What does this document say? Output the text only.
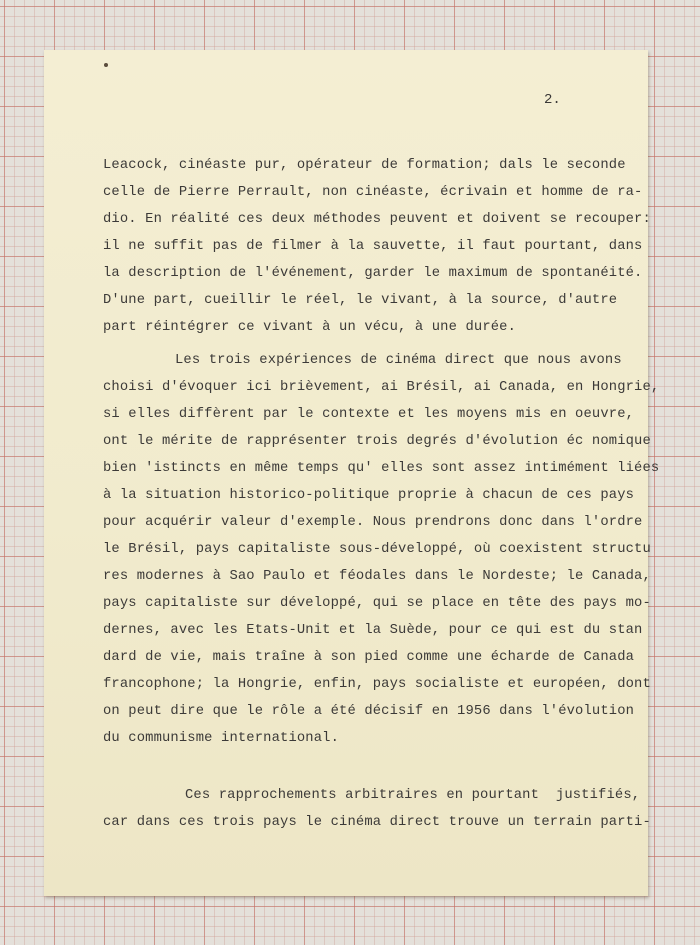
2.
Leacock, cinéaste pur, opérateur de formation; dals le seconde
celle de Pierre Perrault, non cinéaste, écrivain et homme de ra-
dio. En réalité ces deux méthodes peuvent et doivent se recouper:
il ne suffit pas de filmer à la sauvette, il faut pourtant, dans
la description de l'événement, garder le maximum de spontanéité.
D'une part, cueillir le réel, le vivant, à la source, d'autre
part réintégrer ce vivant à un vécu, à une durée.
Les trois expériences de cinéma direct que nous avons
choisi d'évoquer ici brièvement, ai Brésil, ai Canada, en Hongrie,
si elles diffèrent par le contexte et les moyens mis en oeuvre,
ont le mérite de rapprésenter trois degrés d'évolution éc nomique
bien 'istincts en même temps qu' elles sont assez intimément liées
à la situation historico-politique proprie à chacun de ces pays
pour acquérir valeur d'exemple. Nous prendrons donc dans l'ordre
le Brésil, pays capitaliste sous-développé, où coexistent structu
res modernes à Sao Paulo et féodales dans le Nordeste; le Canada,
pays capitaliste sur développé, qui se place en tête des pays mo-
dernes, avec les Etats-Unit et la Suède, pour ce qui est du stan
dard de vie, mais traîne à son pied comme une écharde de Canada
francophone; la Hongrie, enfin, pays socialiste et européen, dont
on peut dire que le rôle a été décisif en 1956 dans l'évolution
du communisme international.
Ces rapprochements arbitraires en pourtant  justifiés,
car dans ces trois pays le cinéma direct trouve un terrain parti-
